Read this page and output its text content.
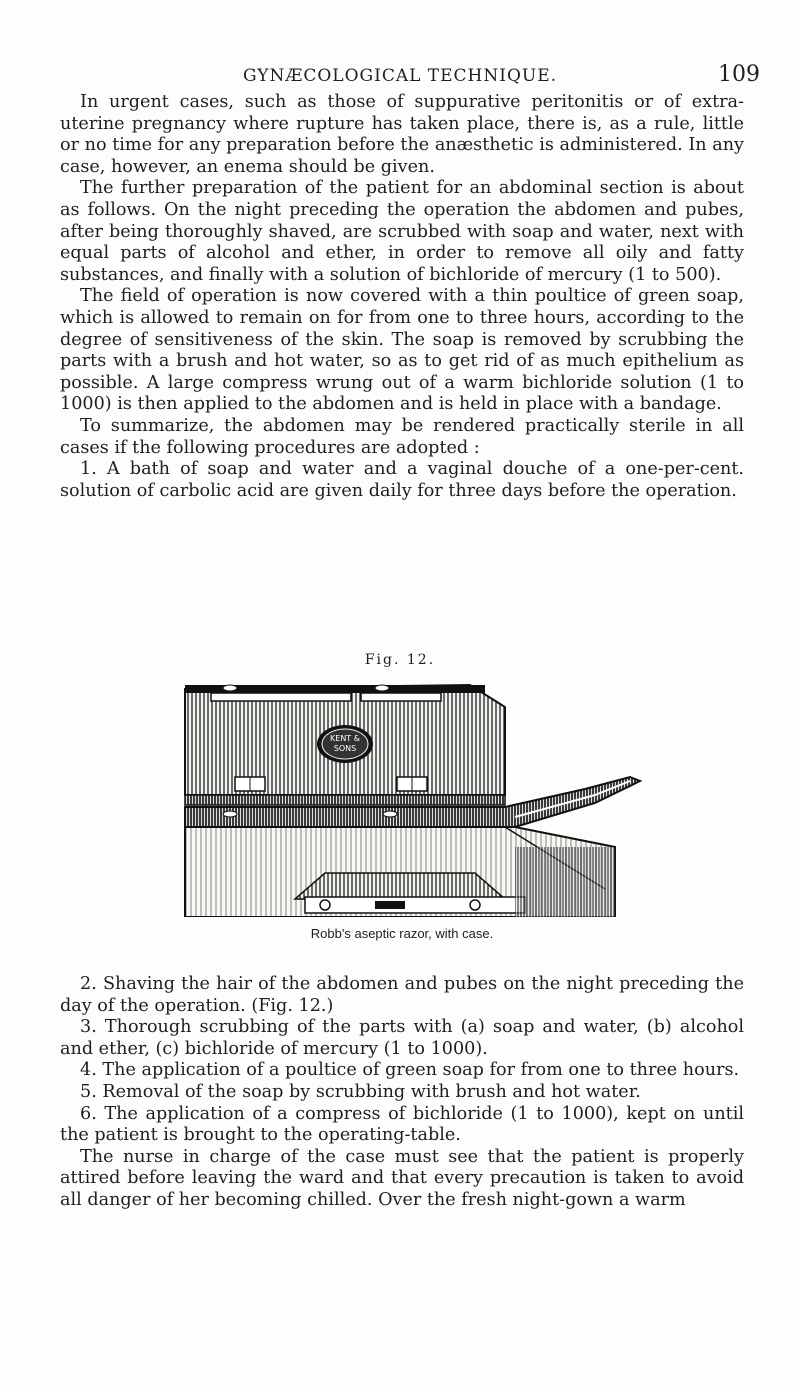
GYNÆCOLOGICAL TECHNIQUE.	109

In urgent cases, such as those of suppurative peritonitis or of extra-uterine pregnancy where rupture has taken place, there is, as a rule, little or no time for any preparation before the anæsthetic is administered. In any case, however, an enema should be given.

The further preparation of the patient for an abdominal section is about as follows. On the night preceding the operation the abdomen and pubes, after being thoroughly shaved, are scrubbed with soap and water, next with equal parts of alcohol and ether, in order to remove all oily and fatty substances, and finally with a solution of bichloride of mercury (1 to 500).

The field of operation is now covered with a thin poultice of green soap, which is allowed to remain on for from one to three hours, according to the degree of sensitiveness of the skin. The soap is removed by scrubbing the parts with a brush and hot water, so as to get rid of as much epithelium as possible. A large compress wrung out of a warm bichloride solution (1 to 1000) is then applied to the abdomen and is held in place with a bandage.

To summarize, the abdomen may be rendered practically sterile in all cases if the following procedures are adopted :

1. A bath of soap and water and a vaginal douche of a one-per-cent. solution of carbolic acid are given daily for three days before the operation.

Fig. 12.
KENT &
SONS
Robb's aseptic razor, with case.

2. Shaving the hair of the abdomen and pubes on the night preceding the day of the operation. (Fig. 12.)

3. Thorough scrubbing of the parts with (a) soap and water, (b) alcohol and ether, (c) bichloride of mercury (1 to 1000).

4. The application of a poultice of green soap for from one to three hours.

5. Removal of the soap by scrubbing with brush and hot water.

6. The application of a compress of bichloride (1 to 1000), kept on until the patient is brought to the operating-table.

The nurse in charge of the case must see that the patient is properly attired before leaving the ward and that every precaution is taken to avoid all danger of her becoming chilled. Over the fresh night-gown a warm
